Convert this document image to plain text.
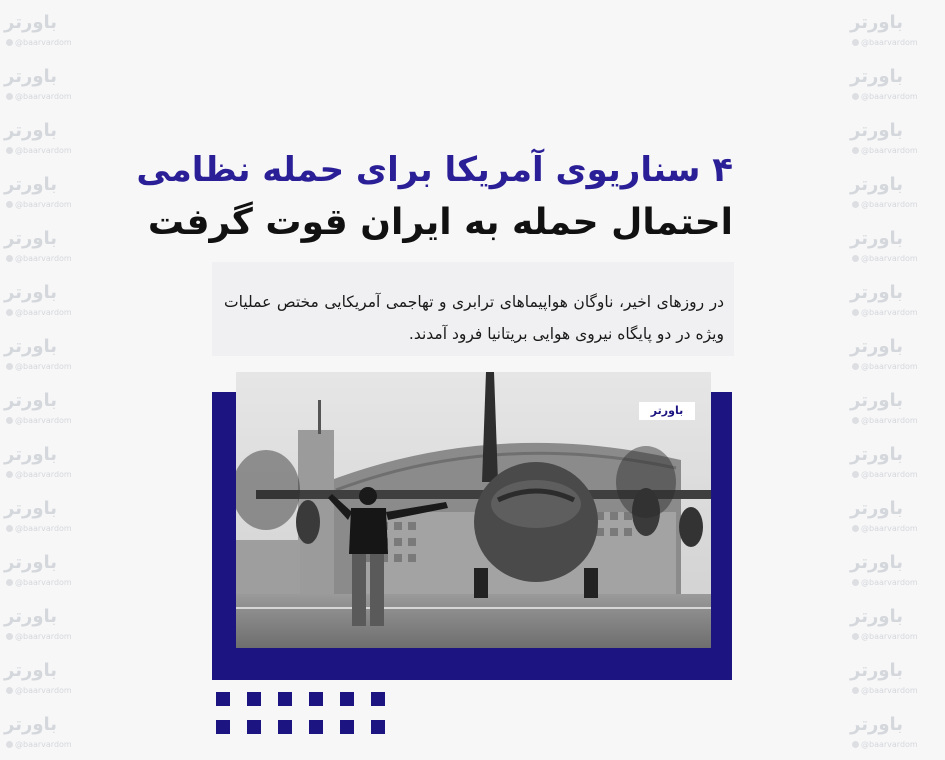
باورتر
@baarvardom
باورتر
@baarvardom
باورتر
@baarvardom
باورتر
@baarvardom
باورتر
@baarvardom
باورتر
@baarvardom
باورتر
@baarvardom
باورتر
@baarvardom
باورتر
@baarvardom
باورتر
@baarvardom
باورتر
@baarvardom
باورتر
@baarvardom
باورتر
@baarvardom
باورتر
@baarvardom
باورتر
@baarvardom
باورتر
@baarvardom
باورتر
@baarvardom
باورتر
@baarvardom
باورتر
@baarvardom
باورتر
@baarvardom
باورتر
@baarvardom
باورتر
@baarvardom
باورتر
@baarvardom
باورتر
@baarvardom
باورتر
@baarvardom
باورتر
@baarvardom
باورتر
@baarvardom
باورتر
@baarvardom
۴ سناریوی آمریکا برای حمله نظامی
احتمال حمله به ایران قوت گرفت
در روزهای اخیر، ناوگان هواپیماهای ترابری و تهاجمی آمریکایی مختص عملیات ویژه در دو پایگاه نیروی هوایی بریتانیا فرود آمدند.
باورتر
